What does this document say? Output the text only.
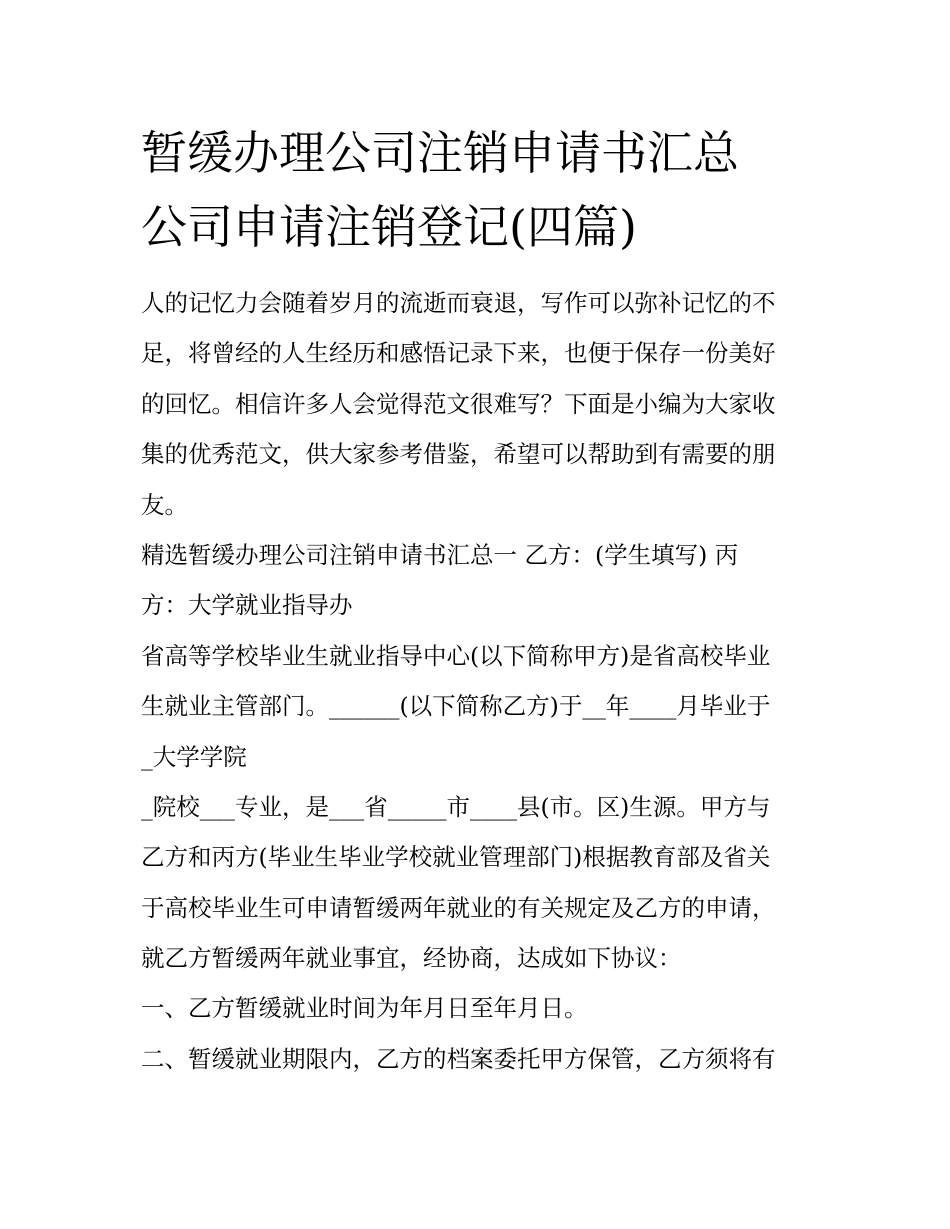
暂缓办理公司注销申请书汇总
公司申请注销登记(四篇)
人的记忆力会随着岁月的流逝而衰退，写作可以弥补记忆的不
足，将曾经的人生经历和感悟记录下来，也便于保存一份美好
的回忆。相信许多人会觉得范文很难写？下面是小编为大家收
集的优秀范文，供大家参考借鉴，希望可以帮助到有需要的朋
友。
精选暂缓办理公司注销申请书汇总一 乙方：(学生填写) 丙
方：大学就业指导办
省高等学校毕业生就业指导中心(以下简称甲方)是省高校毕业
生就业主管部门。______(以下简称乙方)于__年____月毕业于
_大学学院
_院校___专业，是___省_____市____县(市。区)生源。甲方与
乙方和丙方(毕业生毕业学校就业管理部门)根据教育部及省关
于高校毕业生可申请暂缓两年就业的有关规定及乙方的申请，
就乙方暂缓两年就业事宜，经协商，达成如下协议：
一、乙方暂缓就业时间为年月日至年月日。
二、暂缓就业期限内，乙方的档案委托甲方保管，乙方须将有
